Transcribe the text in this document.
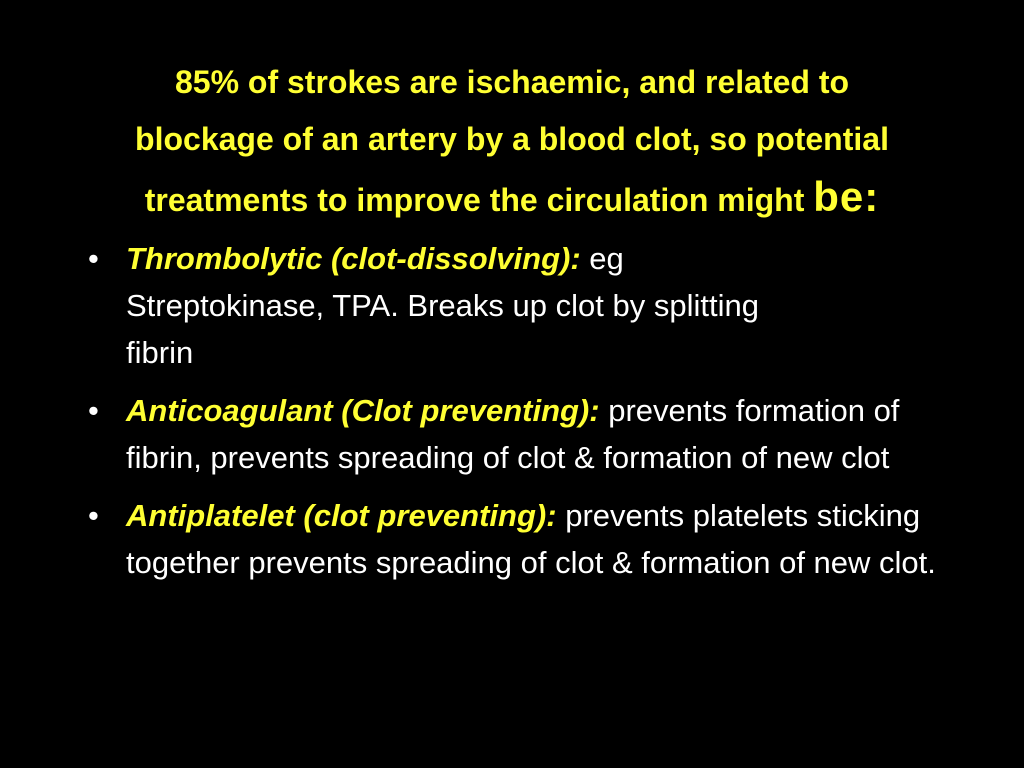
85% of strokes are ischaemic, and related to
blockage of an artery by a blood clot, so potential
treatments to improve the circulation might be:
• Thrombolytic (clot-dissolving): eg Streptokinase, TPA. Breaks up clot by splitting fibrin
• Anticoagulant (Clot preventing): prevents formation of fibrin, prevents spreading of clot & formation of new clot
• Antiplatelet (clot preventing): prevents platelets sticking together prevents spreading of clot & formation of new clot.
